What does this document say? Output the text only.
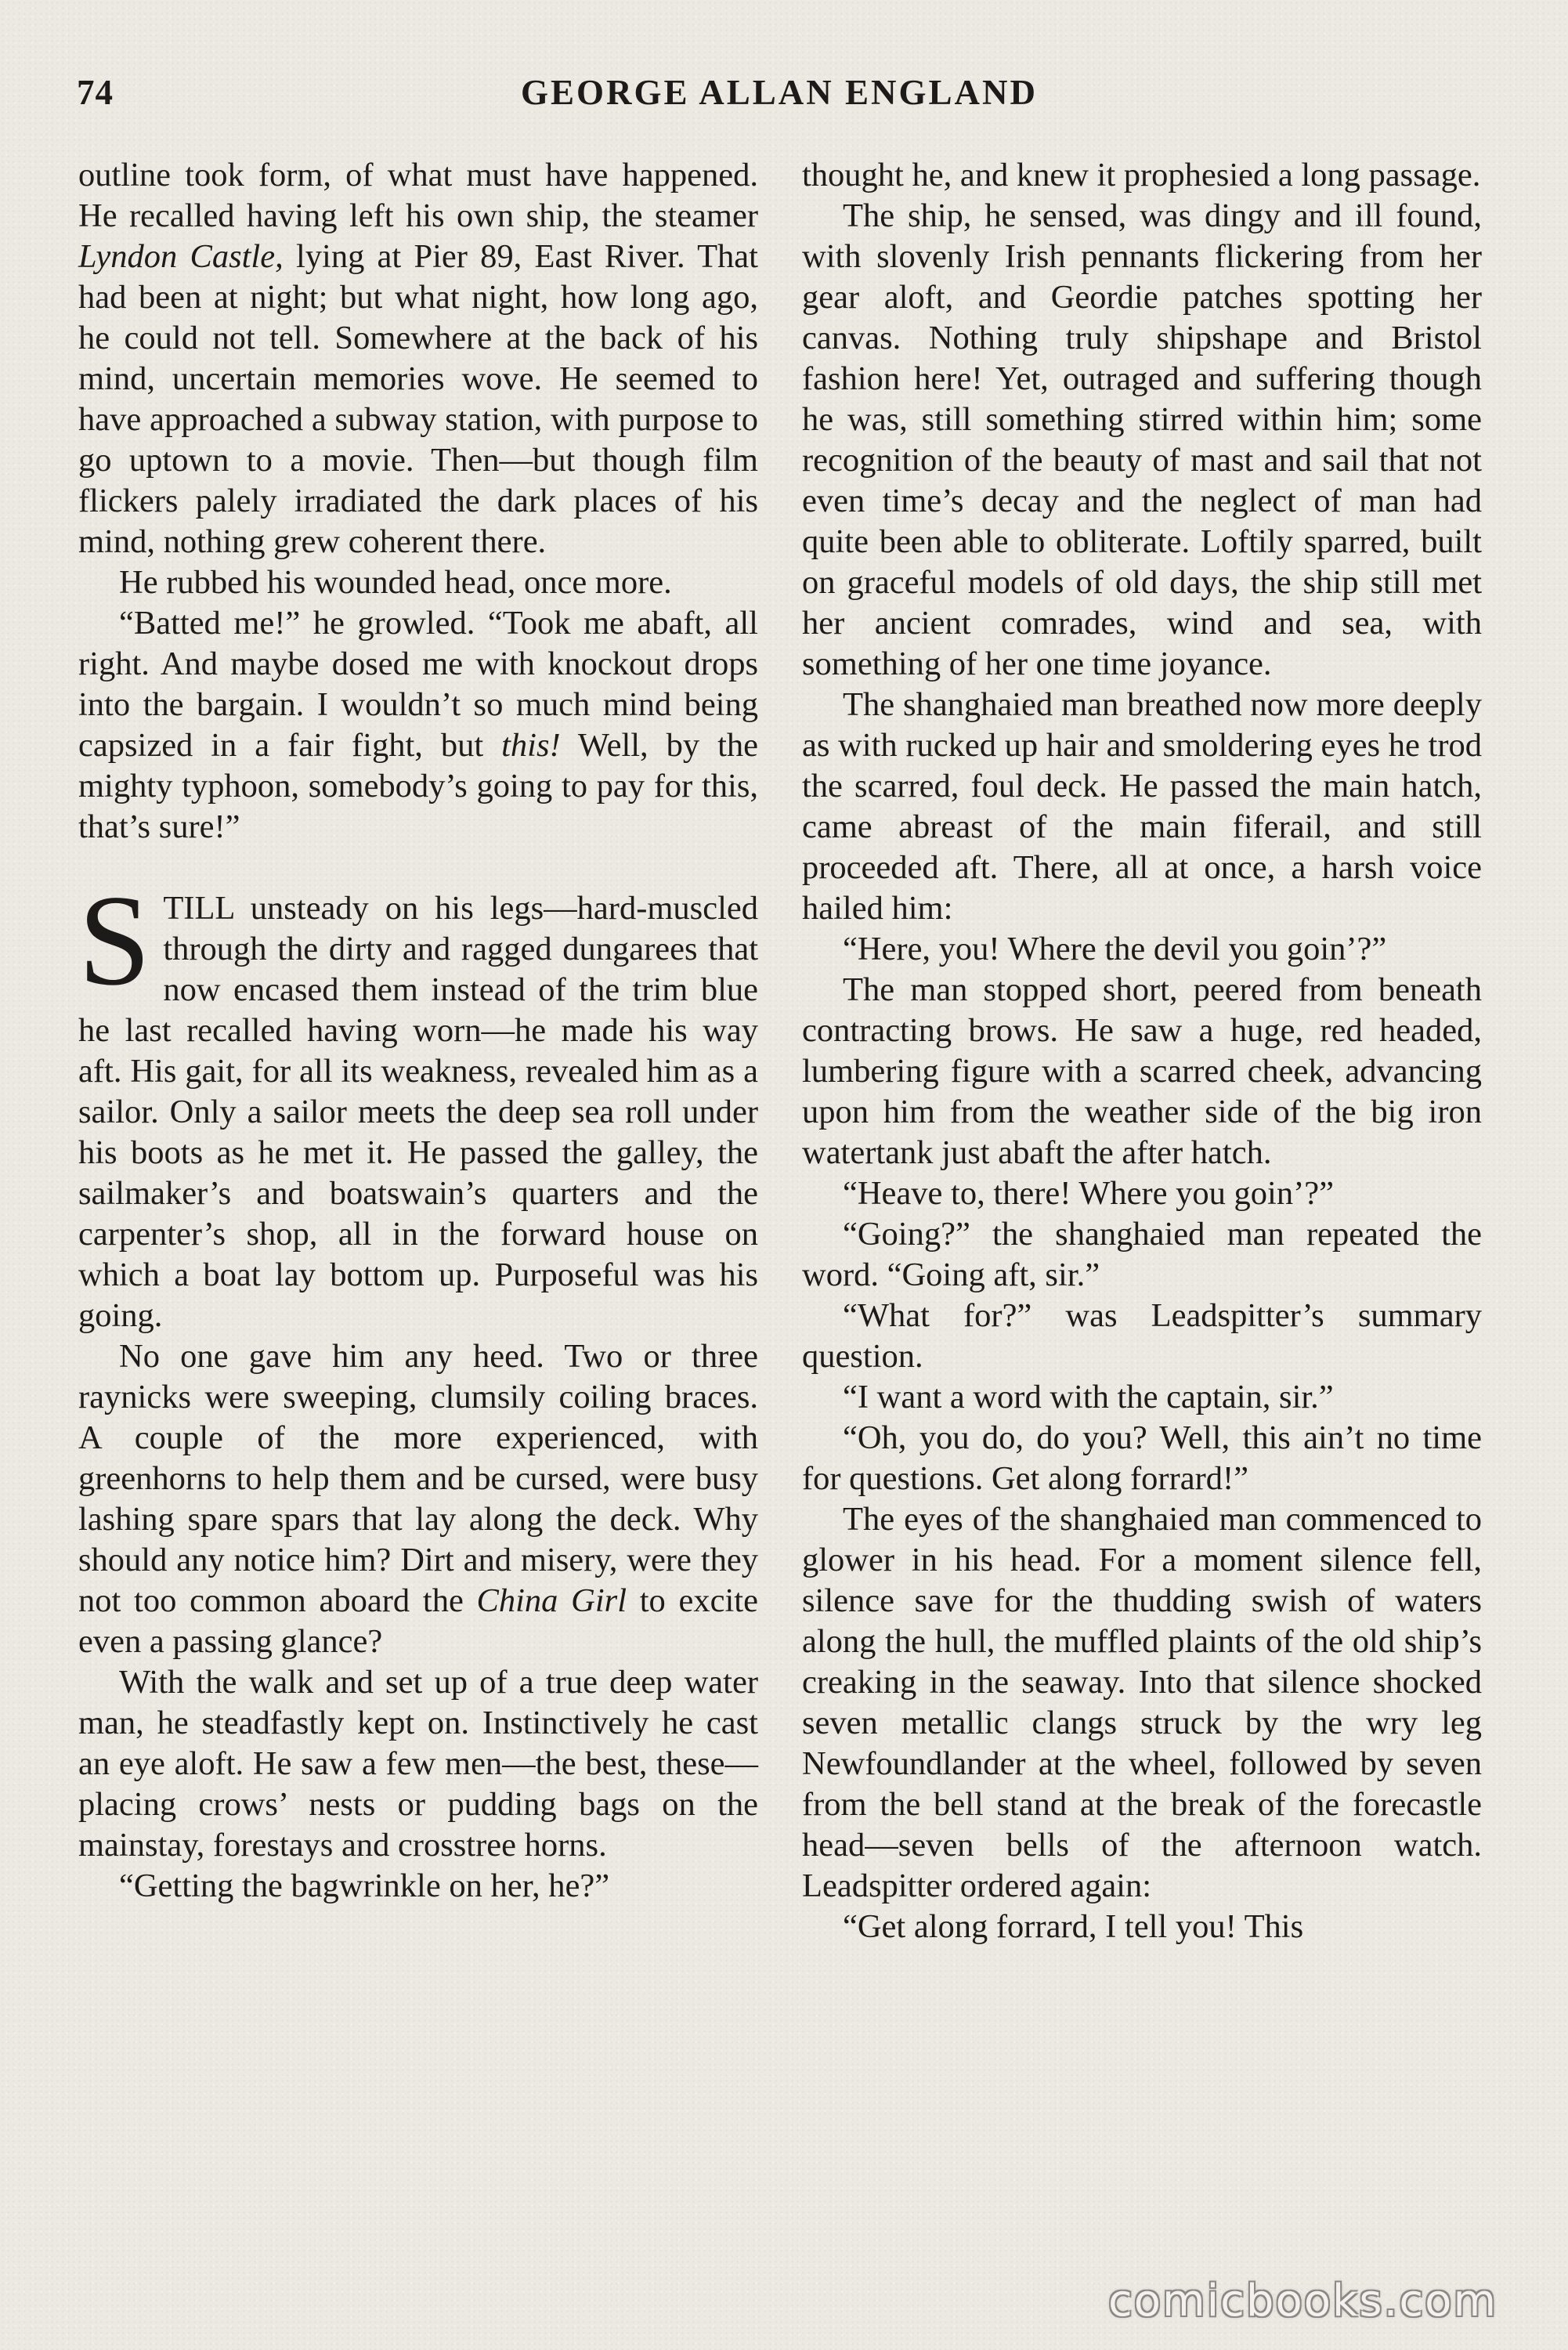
74	GEORGE ALLAN ENGLAND

outline took form, of what must have happened. He recalled having left his own ship, the steamer Lyndon Castle, lying at Pier 89, East River. That had been at night; but what night, how long ago, he could not tell. Somewhere at the back of his mind, uncertain memories wove. He seemed to have approached a subway station, with purpose to go uptown to a movie. Then—but though film flickers palely irradiated the dark places of his mind, nothing grew coherent there.

He rubbed his wounded head, once more.

“Batted me!” he growled. “Took me abaft, all right. And maybe dosed me with knockout drops into the bargain. I wouldn’t so much mind being capsized in a fair fight, but this! Well, by the mighty typhoon, somebody’s going to pay for this, that’s sure!”

STILL unsteady on his legs—hard-muscled through the dirty and ragged dungarees that now encased them instead of the trim blue he last recalled having worn—he made his way aft. His gait, for all its weakness, revealed him as a sailor. Only a sailor meets the deep sea roll under his boots as he met it. He passed the galley, the sailmaker’s and boatswain’s quarters and the carpenter’s shop, all in the forward house on which a boat lay bottom up. Purposeful was his going.

No one gave him any heed. Two or three raynicks were sweeping, clumsily coiling braces. A couple of the more experienced, with greenhorns to help them and be cursed, were busy lashing spare spars that lay along the deck. Why should any notice him? Dirt and misery, were they not too common aboard the China Girl to excite even a passing glance?

With the walk and set up of a true deep water man, he steadfastly kept on. Instinctively he cast an eye aloft. He saw a few men—the best, these—placing crows’ nests or pudding bags on the mainstay, forestays and crosstree horns.

“Getting the bagwrinkle on her, he?”

thought he, and knew it prophesied a long passage.

The ship, he sensed, was dingy and ill found, with slovenly Irish pennants flickering from her gear aloft, and Geordie patches spotting her canvas. Nothing truly shipshape and Bristol fashion here! Yet, outraged and suffering though he was, still something stirred within him; some recognition of the beauty of mast and sail that not even time’s decay and the neglect of man had quite been able to obliterate. Loftily sparred, built on graceful models of old days, the ship still met her ancient comrades, wind and sea, with something of her one time joyance.

The shanghaied man breathed now more deeply as with rucked up hair and smoldering eyes he trod the scarred, foul deck. He passed the main hatch, came abreast of the main fiferail, and still proceeded aft. There, all at once, a harsh voice hailed him:

“Here, you! Where the devil you goin’?”

The man stopped short, peered from beneath contracting brows. He saw a huge, red headed, lumbering figure with a scarred cheek, advancing upon him from the weather side of the big iron watertank just abaft the after hatch.

“Heave to, there! Where you goin’?”

“Going?” the shanghaied man repeated the word. “Going aft, sir.”

“What for?” was Leadspitter’s summary question.

“I want a word with the captain, sir.”

“Oh, you do, do you? Well, this ain’t no time for questions. Get along forrard!”

The eyes of the shanghaied man commenced to glower in his head. For a moment silence fell, silence save for the thudding swish of waters along the hull, the muffled plaints of the old ship’s creaking in the seaway. Into that silence shocked seven metallic clangs struck by the wry leg Newfoundlander at the wheel, followed by seven from the bell stand at the break of the forecastle head—seven bells of the afternoon watch. Leadspitter ordered again:

“Get along forrard, I tell you! This

comicbooks.com
